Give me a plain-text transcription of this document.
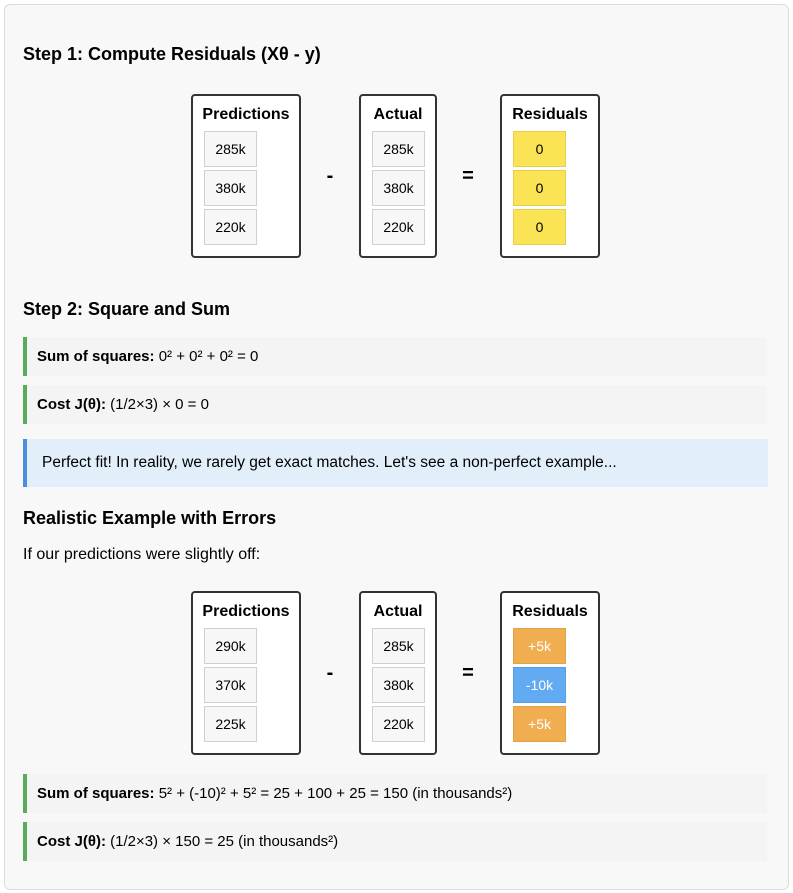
Step 1: Compute Residuals (Xθ - y)
Predictions
285k
380k
220k
-
Actual
285k
380k
220k
=
Residuals
0
0
0
Step 2: Square and Sum
Sum of squares: 0² + 0² + 0² = 0
Cost J(θ): (1/2×3) × 0 = 0
Perfect fit! In reality, we rarely get exact matches. Let's see a non-perfect example...
Realistic Example with Errors

If our predictions were slightly off:

Predictions
290k
370k
225k
-
Actual
285k
380k
220k
=
Residuals
+5k
-10k
+5k
Sum of squares: 5² + (-10)² + 5² = 25 + 100 + 25 = 150 (in thousands²)
Cost J(θ): (1/2×3) × 150 = 25 (in thousands²)
